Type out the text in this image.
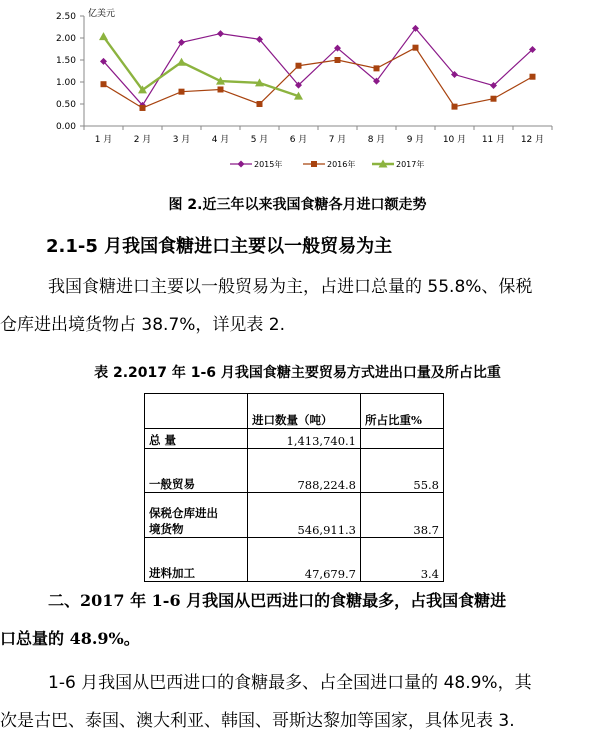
0.00
0.50
1.00
1.50
2.00
2.50
1 月 2 月 3 月 4 月 5 月 6 月 7 月 8 月 9 月 10 月 11 月 12 月
2015年	2016年	2017年
亿美元
图 2.近三年以来我国食糖各月进口额走势
2.1-5 月我国食糖进口主要以一般贸易为主
我国食糖进口主要以一般贸易为主，占进口总量的 55.8%、保税
仓库进出境货物占 38.7%，详见表 2.
表 2.2017 年 1-6 月我国食糖主要贸易方式进出口量及所占比重
	进口数量（吨）	所占比重%
总 量	1,413,740.1	
一般贸易	788,224.8	55.8
保税仓库进出
境货物	546,911.3	38.7
进料加工	47,679.7	3.4
二、2017 年 1-6 月我国从巴西进口的食糖最多，占我国食糖进
口总量的 48.9%。
1-6 月我国从巴西进口的食糖最多、占全国进口量的 48.9%，其
次是古巴、泰国、澳大利亚、韩国、哥斯达黎加等国家，具体见表 3.
